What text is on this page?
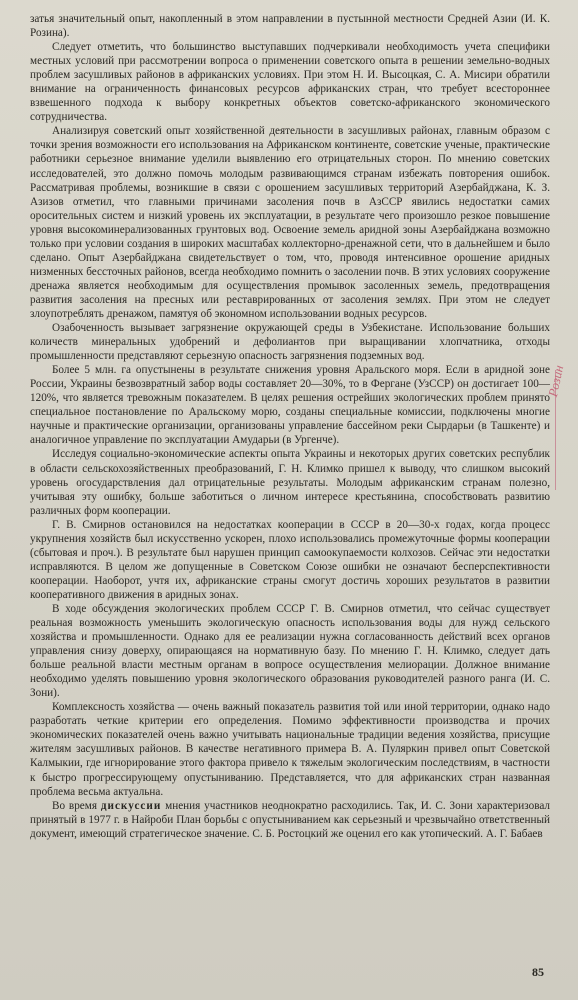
затья значительный опыт, накопленный в этом направлении в пустынной местности Средней Азии (И. К. Розина).

Следует отметить, что большинство выступавших подчеркивали необходимость учета специфики местных условий при рассмотрении вопроса о применении советского опыта в решении земельно-водных проблем засушливых районов в африканских условиях. При этом Н. И. Высоцкая, С. А. Мисири обратили внимание на ограниченность финансовых ресурсов африканских стран, что требует всестороннее взвешенного подхода к выбору конкретных объектов советско-африканского экономического сотрудничества.

Анализируя советский опыт хозяйственной деятельности в засушливых районах, главным образом с точки зрения возможности его использования на Африканском континенте, советские ученые, практические работники серьезное внимание уделили выявлению его отрицательных сторон. По мнению советских исследователей, это должно помочь молодым развивающимся странам избежать повторения ошибок. Рассматривая проблемы, возникшие в связи с орошением засушливых территорий Азербайджана, К. З. Азизов отметил, что главными причинами засоления почв в АзССР явились недостатки самих оросительных систем и низкий уровень их эксплуатации, в результате чего произошло резкое повышение уровня высокоминерализованных грунтовых вод. Освоение земель аридной зоны Азербайджана возможно только при условии создания в широких масштабах коллекторно-дренажной сети, что в дальнейшем и было сделано. Опыт Азербайджана свидетельствует о том, что, проводя интенсивное орошение аридных низменных бессточных районов, всегда необходимо помнить о засолении почв. В этих условиях сооружение дренажа является необходимым для осуществления промывок засоленных земель, предотвращения развития засоления на пресных или реставрированных от засоления землях. При этом не следует злоупотреблять дренажом, памятуя об экономном использовании водных ресурсов.

Озабоченность вызывает загрязнение окружающей среды в Узбекистане. Использование больших количеств минеральных удобрений и дефолиантов при выращивании хлопчатника, отходы промышленности представляют серьезную опасность загрязнения подземных вод.

Более 5 млн. га опустынены в результате снижения уровня Аральского моря. Если в аридной зоне России, Украины безвозвратный забор воды составляет 20—30%, то в Фергане (УзССР) он достигает 100—120%, что является тревожным показателем. В целях решения острейших экологических проблем принято специальное постановление по Аральскому морю, созданы специальные комиссии, подключены многие научные и практические организации, организованы управление бассейном реки Сырдарьи (в Ташкенте) и аналогичное управление по эксплуатации Амударьи (в Ургенче).

Исследуя социально-экономические аспекты опыта Украины и некоторых других советских республик в области сельскохозяйственных преобразований, Г. Н. Климко пришел к выводу, что слишком высокий уровень огосударствления дал отрицательные результаты. Молодым африканским странам полезно, учитывая эту ошибку, больше заботиться о личном интересе крестьянина, способствовать развитию различных форм кооперации.

Г. В. Смирнов остановился на недостатках кооперации в СССР в 20—30-х годах, когда процесс укрупнения хозяйств был искусственно ускорен, плохо использовались промежуточные формы кооперации (сбытовая и проч.). В результате был нарушен принцип самоокупаемости колхозов. Сейчас эти недостатки исправляются. В целом же допущенные в Советском Союзе ошибки не означают бесперспективности кооперации. Наоборот, учтя их, африканские страны смогут достичь хороших результатов в развитии кооперативного движения в аридных зонах.

В ходе обсуждения экологических проблем СССР Г. В. Смирнов отметил, что сейчас существует реальная возможность уменьшить экологическую опасность использования воды для нужд сельского хозяйства и промышленности. Однако для ее реализации нужна согласованность действий всех органов управления снизу доверху, опирающаяся на нормативную базу. По мнению Г. Н. Климко, следует дать больше реальной власти местным органам в вопросе осуществления мелиорации. Должное внимание необходимо уделять повышению уровня экологического образования руководителей разного ранга (И. С. Зони).

Комплексность хозяйства — очень важный показатель развития той или иной территории, однако надо разработать четкие критерии его определения. Помимо эффективности производства и прочих экономических показателей очень важно учитывать национальные традиции ведения хозяйства, присущие жителям засушливых районов. В качестве негативного примера В. А. Пуляркин привел опыт Советской Калмыкии, где игнорирование этого фактора привело к тяжелым экологическим последствиям, в частности к быстро прогрессирующему опустыниванию. Представляется, что для африканских стран названная проблема весьма актуальна.

Во время дискуссии мнения участников неоднократно расходились. Так, И. С. Зони характеризовал принятый в 1977 г. в Найроби План борьбы с опустыниванием как серьезный и чрезвычайно ответственный документ, имеющий стратегическое значение. С. Б. Ростоцкий же оценил его как утопический. А. Г. Бабаев

Розин
85
